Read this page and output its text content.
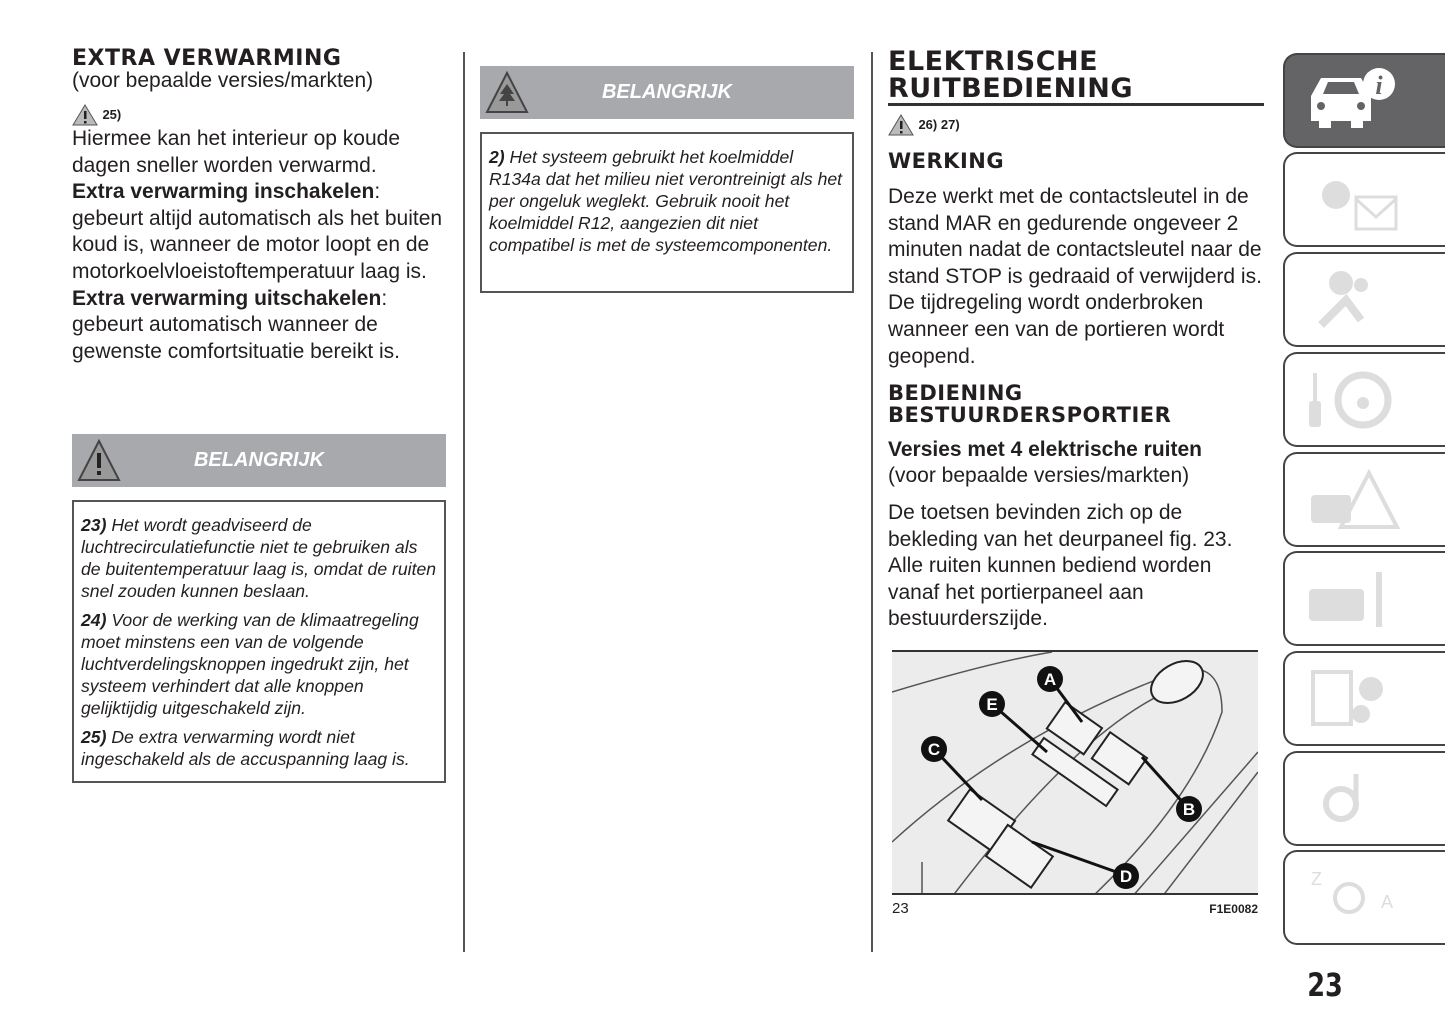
EXTRA VERWARMING
(voor bepaalde versies/markten)
25)
Hiermee kan het interieur op koude dagen sneller worden verwarmd.
Extra verwarming inschakelen: gebeurt altijd automatisch als het buiten koud is, wanneer de motor loopt en de motorkoelvloeistoftemperatuur laag is.
Extra verwarming uitschakelen: gebeurt automatisch wanneer de gewenste comfortsituatie bereikt is.
BELANGRIJK

23) Het wordt geadviseerd de luchtrecirculatiefunctie niet te gebruiken als de buitentemperatuur laag is, omdat de ruiten snel zouden kunnen beslaan.

24) Voor de werking van de klimaatregeling moet minstens een van de volgende luchtverdelingsknoppen ingedrukt zijn, het systeem verhindert dat alle knoppen gelijktijdig uitgeschakeld zijn.

25) De extra verwarming wordt niet ingeschakeld als de accuspanning laag is.

BELANGRIJK

2) Het systeem gebruikt het koelmiddel R134a dat het milieu niet verontreinigt als het per ongeluk weglekt. Gebruik nooit het koelmiddel R12, aangezien dit niet compatibel is met de systeemcomponenten.

ELEKTRISCHE
RUITBEDIENING
26) 27)
WERKING
Deze werkt met de contactsleutel in de stand MAR en gedurende ongeveer 2 minuten nadat de contactsleutel naar de stand STOP is gedraaid of verwijderd is. De tijdregeling wordt onderbroken wanneer een van de portieren wordt geopend.
BEDIENING
BESTUURDERSPORTIER
Versies met 4 elektrische ruiten
(voor bepaalde versies/markten)
De toetsen bevinden zich op de bekleding van het deurpaneel fig. 23. Alle ruiten kunnen bediend worden vanaf het portierpaneel aan bestuurderszijde.
A
B
C
D
E
23	F1E0082
i
Z
A
23
